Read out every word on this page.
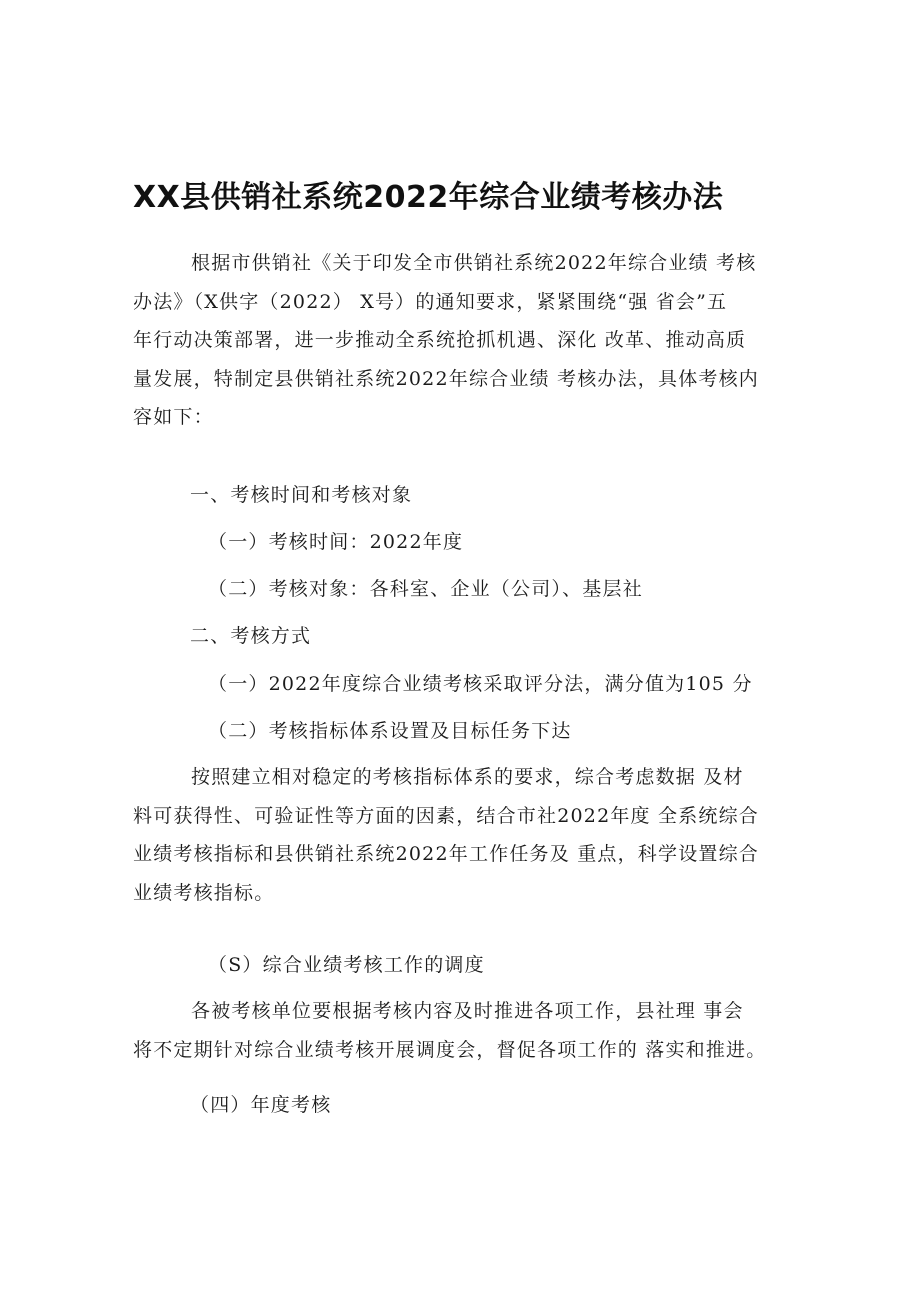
XX县供销社系统2022年综合业绩考核办法

根据市供销社《关于印发全市供销社系统2022年综合业绩 考核
办法》（X供字（2022） X号）的通知要求，紧紧围绕“强 省会”五
年行动决策部署，进一步推动全系统抢抓机遇、深化 改革、推动高质
量发展，特制定县供销社系统2022年综合业绩 考核办法，具体考核内
容如下：

一、考核时间和考核对象

（一）考核时间：2022年度

（二）考核对象：各科室、企业（公司）、基层社

二、考核方式

（一）2022年度综合业绩考核采取评分法，满分值为105 分

（二）考核指标体系设置及目标任务下达

按照建立相对稳定的考核指标体系的要求，综合考虑数据 及材
料可获得性、可验证性等方面的因素，结合市社2022年度 全系统综合
业绩考核指标和县供销社系统2022年工作任务及 重点，科学设置综合
业绩考核指标。

（S）综合业绩考核工作的调度

各被考核单位要根据考核内容及时推进各项工作，县社理 事会
将不定期针对综合业绩考核开展调度会，督促各项工作的 落实和推进。

（四）年度考核
